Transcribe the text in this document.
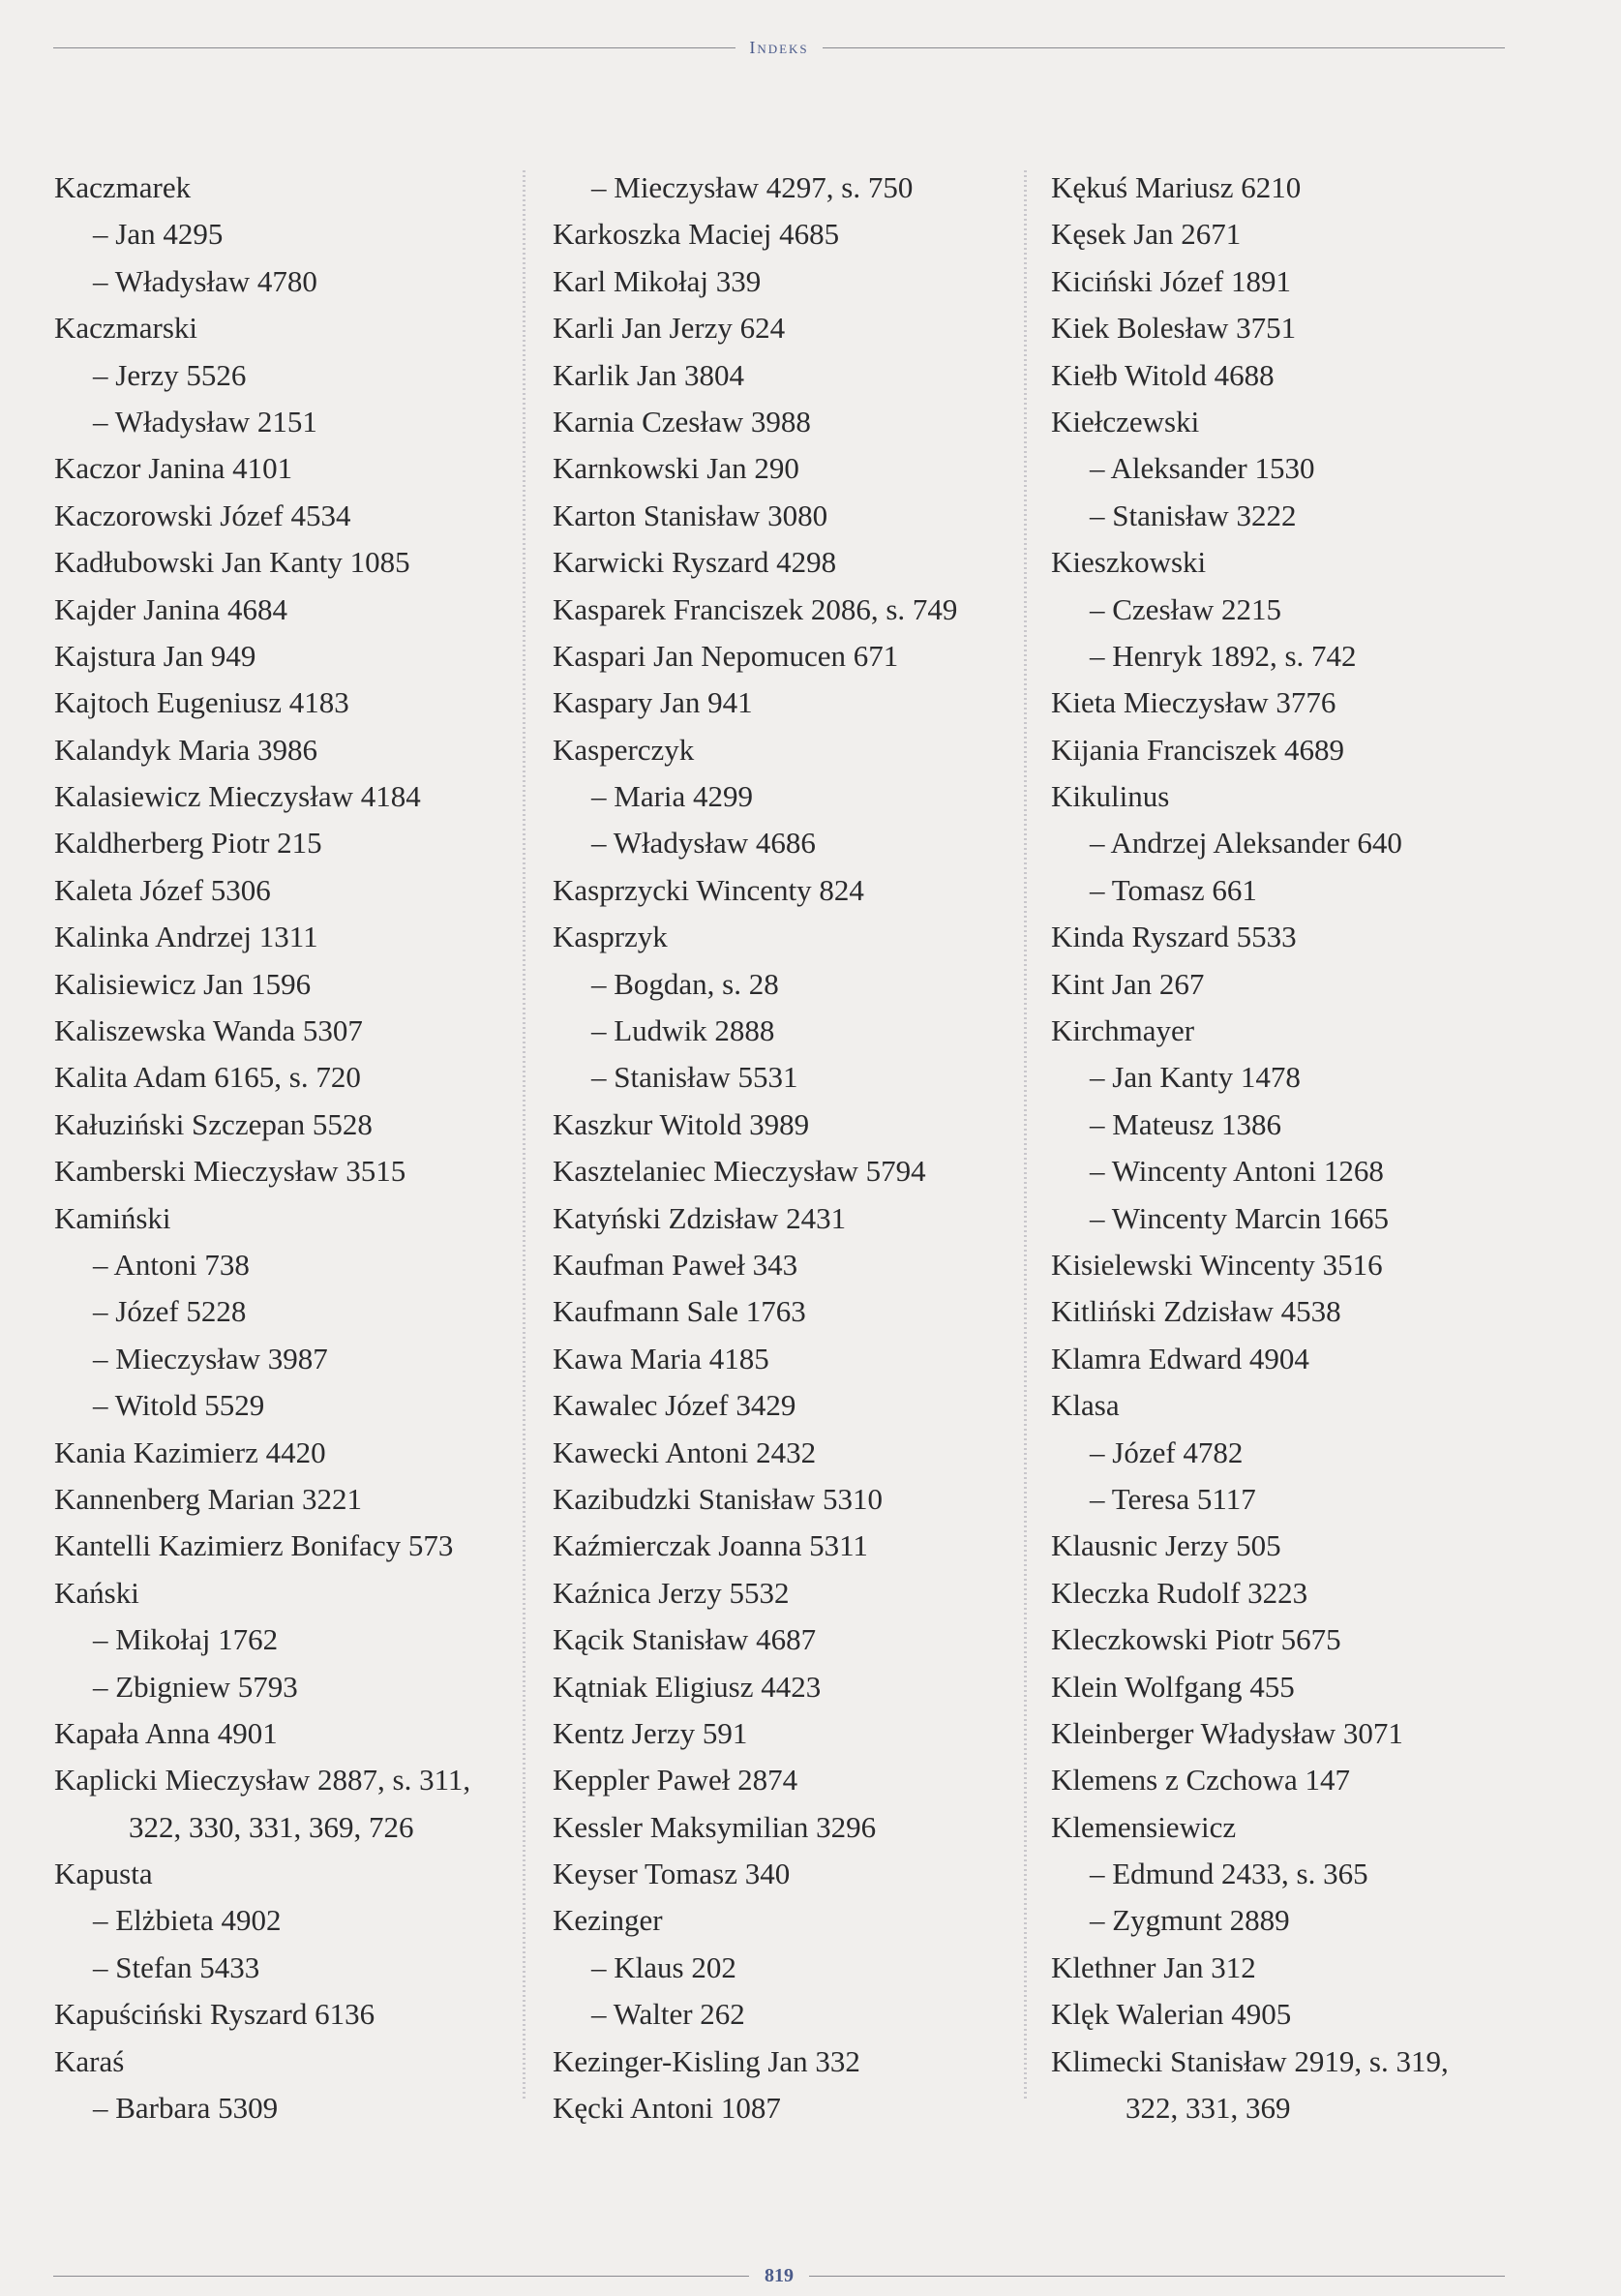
Indeks
Kaczmarek
– Jan 4295
– Władysław 4780
Kaczmarski
– Jerzy 5526
– Władysław 2151
Kaczor Janina 4101
Kaczorowski Józef 4534
Kadłubowski Jan Kanty 1085
Kajder Janina 4684
Kajstura Jan 949
Kajtoch Eugeniusz 4183
Kalandyk Maria 3986
Kalasiewicz Mieczysław 4184
Kaldherberg Piotr 215
Kaleta Józef 5306
Kalinka Andrzej 1311
Kalisiewicz Jan 1596
Kaliszewska Wanda 5307
Kalita Adam 6165, s. 720
Kałuziński Szczepan 5528
Kamberski Mieczysław 3515
Kamiński
– Antoni 738
– Józef 5228
– Mieczysław 3987
– Witold 5529
Kania Kazimierz 4420
Kannenberg Marian 3221
Kantelli Kazimierz Bonifacy 573
Kański
– Mikołaj 1762
– Zbigniew 5793
Kapała Anna 4901
Kaplicki Mieczysław 2887, s. 311,
322, 330, 331, 369, 726
Kapusta
– Elżbieta 4902
– Stefan 5433
Kapuściński Ryszard 6136
Karaś
– Barbara 5309
– Mieczysław 4297, s. 750
Karkoszka Maciej 4685
Karl Mikołaj 339
Karli Jan Jerzy 624
Karlik Jan 3804
Karnia Czesław 3988
Karnkowski Jan 290
Karton Stanisław 3080
Karwicki Ryszard 4298
Kasparek Franciszek 2086, s. 749
Kaspari Jan Nepomucen 671
Kaspary Jan 941
Kasperczyk
– Maria 4299
– Władysław 4686
Kasprzycki Wincenty 824
Kasprzyk
– Bogdan, s. 28
– Ludwik 2888
– Stanisław 5531
Kaszkur Witold 3989
Kasztelaniec Mieczysław 5794
Katyński Zdzisław 2431
Kaufman Paweł 343
Kaufmann Sale 1763
Kawa Maria 4185
Kawalec Józef 3429
Kawecki Antoni 2432
Kazibudzki Stanisław 5310
Kaźmierczak Joanna 5311
Kaźnica Jerzy 5532
Kącik Stanisław 4687
Kątniak Eligiusz 4423
Kentz Jerzy 591
Keppler Paweł 2874
Kessler Maksymilian 3296
Keyser Tomasz 340
Kezinger
– Klaus 202
– Walter 262
Kezinger-Kisling Jan 332
Kęcki Antoni 1087
Kękuś Mariusz 6210
Kęsek Jan 2671
Kiciński Józef 1891
Kiek Bolesław 3751
Kiełb Witold 4688
Kiełczewski
– Aleksander 1530
– Stanisław 3222
Kieszkowski
– Czesław 2215
– Henryk 1892, s. 742
Kieta Mieczysław 3776
Kijania Franciszek 4689
Kikulinus
– Andrzej Aleksander 640
– Tomasz 661
Kinda Ryszard 5533
Kint Jan 267
Kirchmayer
– Jan Kanty 1478
– Mateusz 1386
– Wincenty Antoni 1268
– Wincenty Marcin 1665
Kisielewski Wincenty 3516
Kitliński Zdzisław 4538
Klamra Edward 4904
Klasa
– Józef 4782
– Teresa 5117
Klausnic Jerzy 505
Kleczka Rudolf 3223
Kleczkowski Piotr 5675
Klein Wolfgang 455
Kleinberger Władysław 3071
Klemens z Czchowa 147
Klemensiewicz
– Edmund 2433, s. 365
– Zygmunt 2889
Klethner Jan 312
Klęk Walerian 4905
Klimecki Stanisław 2919, s. 319,
322, 331, 369
819
